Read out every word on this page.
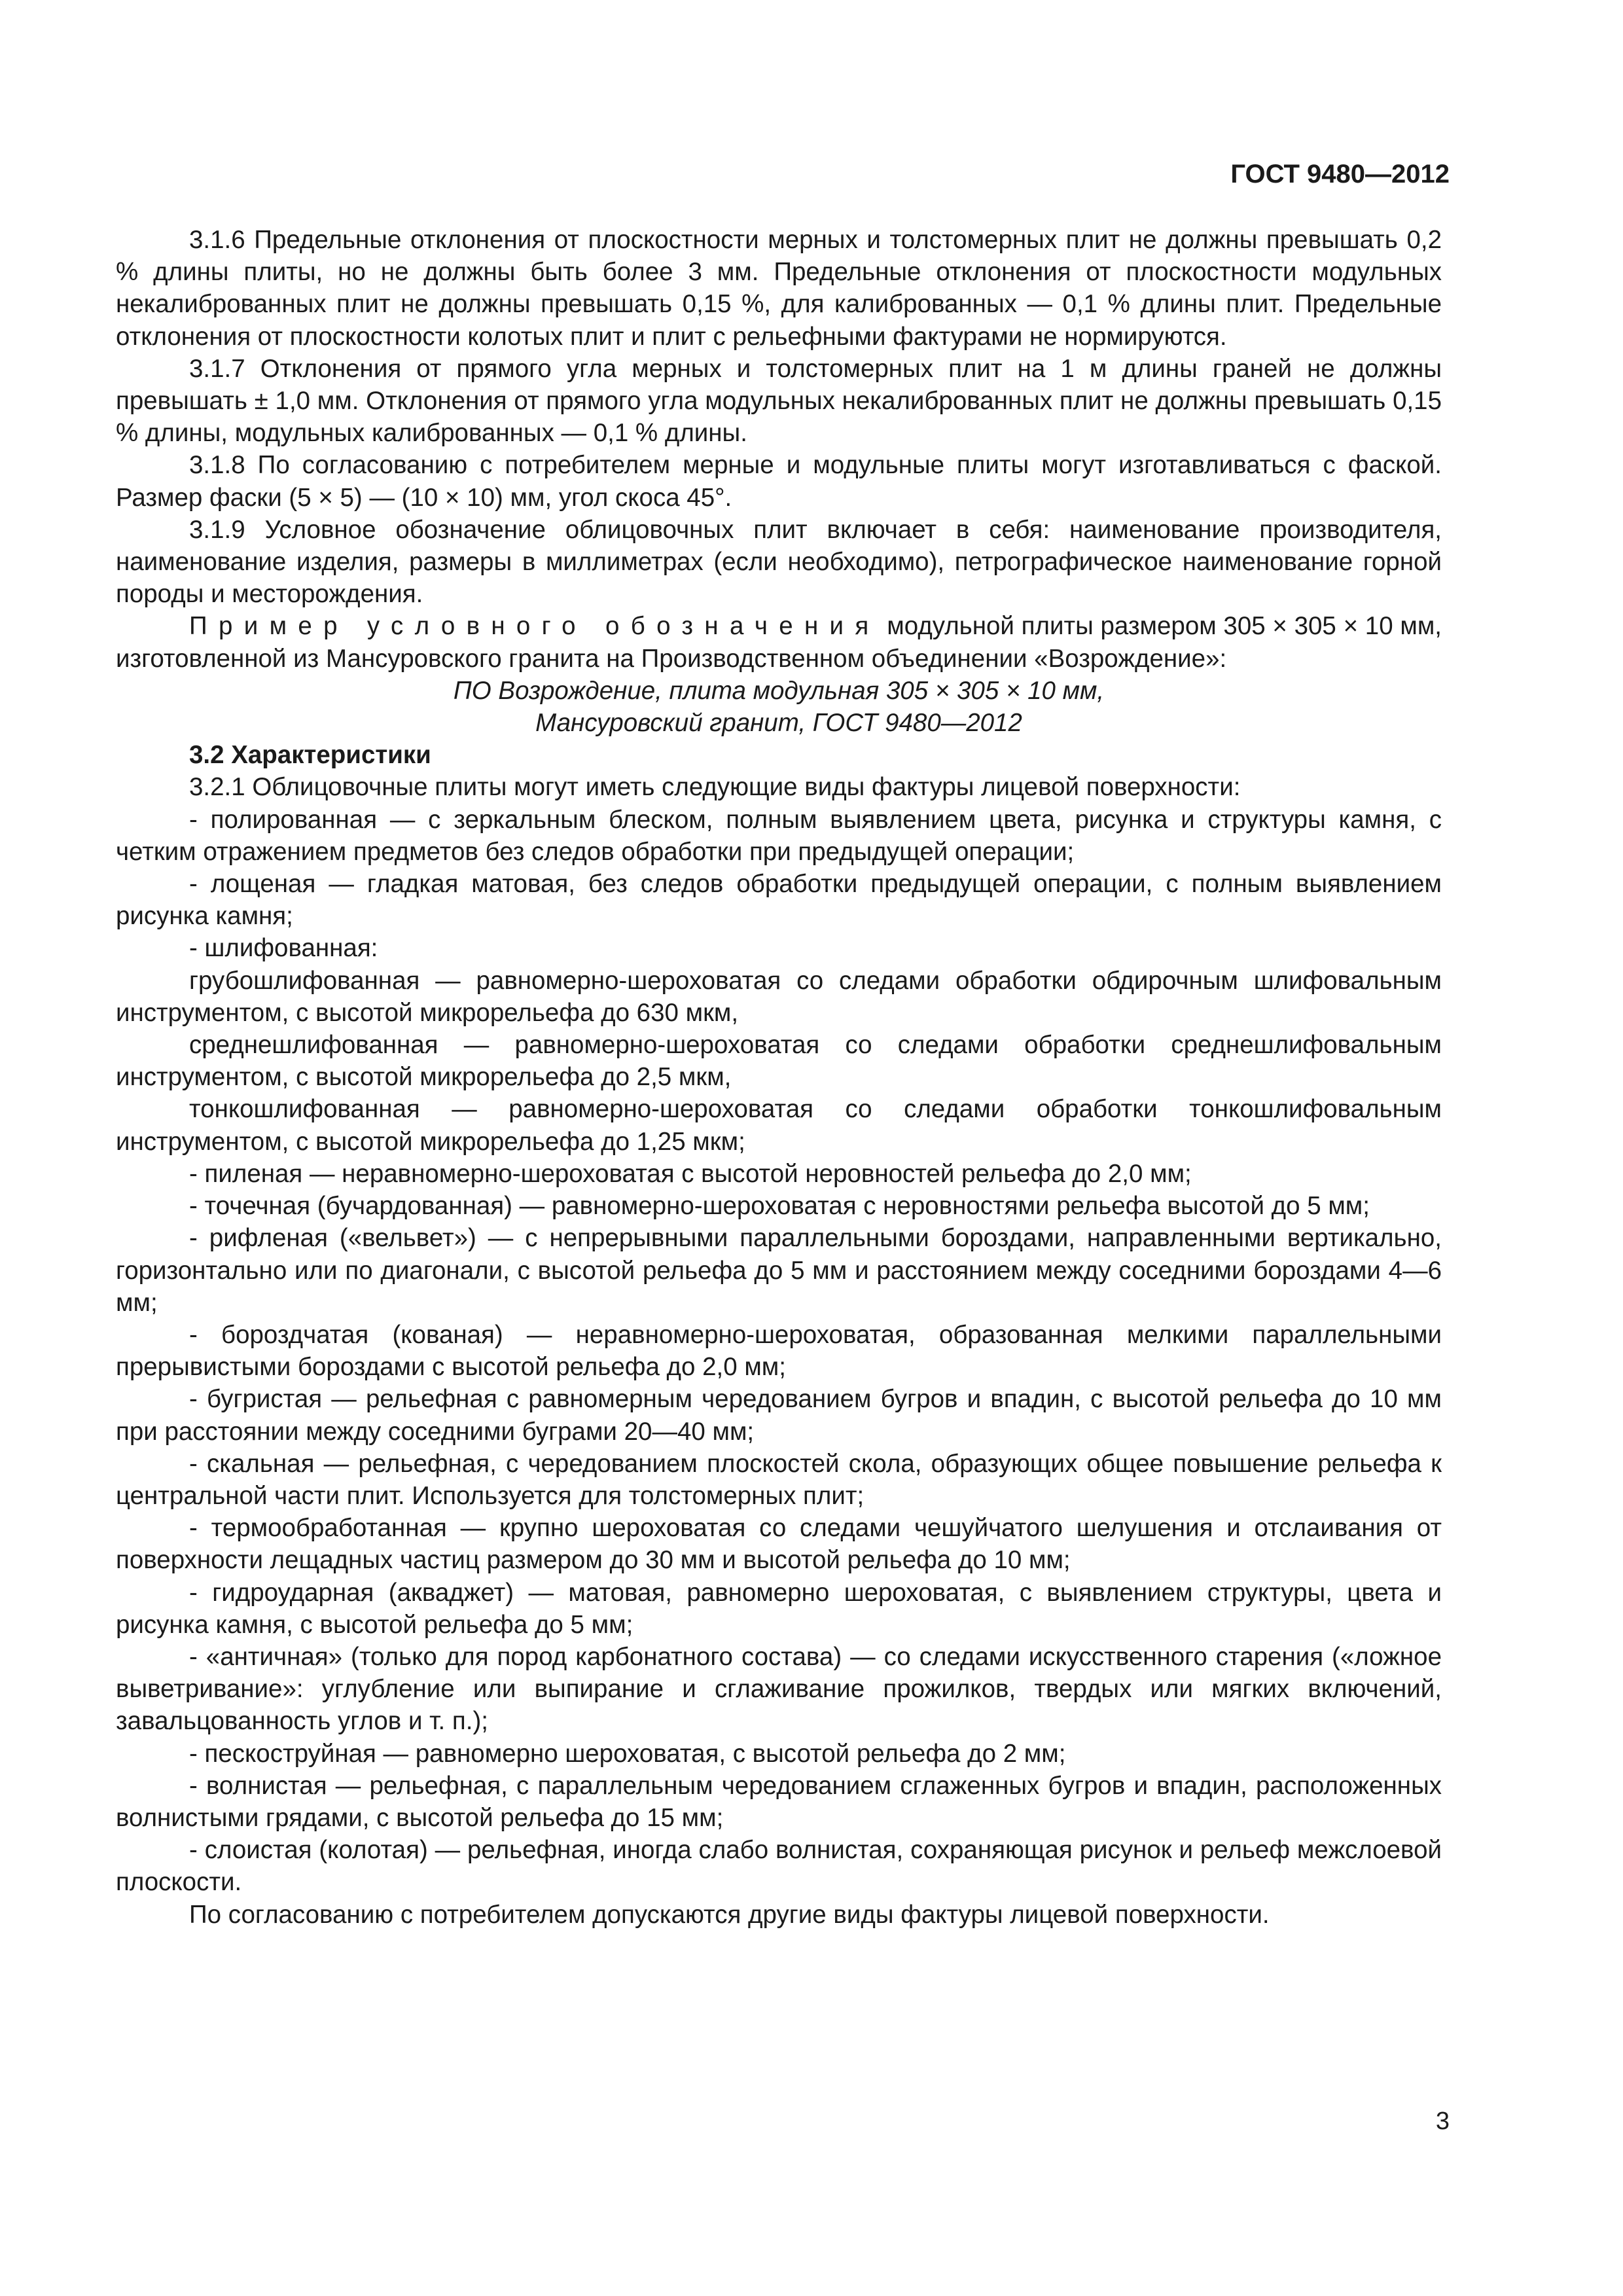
ГОСТ 9480—2012

3.1.6 Предельные отклонения от плоскостности мерных и толстомерных плит не должны превышать 0,2 % длины плиты, но не должны быть более 3 мм. Предельные отклонения от плоскостности модульных некалиброванных плит не должны превышать 0,15 %, для калиброванных — 0,1 % длины плит. Предельные отклонения от плоскостности колотых плит и плит с рельефными фактурами не нормируются.

3.1.7 Отклонения от прямого угла мерных и толстомерных плит на 1 м длины граней не должны превышать ± 1,0 мм. Отклонения от прямого угла модульных некалиброванных плит не должны превышать 0,15 % длины, модульных калиброванных — 0,1 % длины.

3.1.8 По согласованию с потребителем мерные и модульные плиты могут изготавливаться с фаской. Размер фаски (5 × 5) — (10 × 10) мм, угол скоса 45°.

3.1.9 Условное обозначение облицовочных плит включает в себя: наименование производителя, наименование изделия, размеры в миллиметрах (если необходимо), петрографическое наименование горной породы и месторождения.

Пример условного обозначения модульной плиты размером 305 × 305 × 10 мм, изготовленной из Мансуровского гранита на Производственном объединении «Возрождение»:

ПО Возрождение, плита модульная 305 × 305 × 10 мм,

Мансуровский гранит, ГОСТ 9480—2012

3.2 Характеристики

3.2.1 Облицовочные плиты могут иметь следующие виды фактуры лицевой поверхности:

- полированная — с зеркальным блеском, полным выявлением цвета, рисунка и структуры камня, с четким отражением предметов без следов обработки при предыдущей операции;

- лощеная — гладкая матовая, без следов обработки предыдущей операции, с полным выявлением рисунка камня;

- шлифованная:

грубошлифованная — равномерно-шероховатая со следами обработки обдирочным шлифовальным инструментом, с высотой микрорельефа до 630 мкм,

среднешлифованная — равномерно-шероховатая со следами обработки среднешлифовальным инструментом, с высотой микрорельефа до 2,5 мкм,

тонкошлифованная — равномерно-шероховатая со следами обработки тонкошлифовальным инструментом, с высотой микрорельефа до 1,25 мкм;

- пиленая — неравномерно-шероховатая с высотой неровностей рельефа до 2,0 мм;

- точечная (бучардованная) — равномерно-шероховатая с неровностями рельефа высотой до 5 мм;

- рифленая («вельвет») — с непрерывными параллельными бороздами, направленными вертикально, горизонтально или по диагонали, с высотой рельефа до 5 мм и расстоянием между соседними бороздами 4—6 мм;

- бороздчатая (кованая) — неравномерно-шероховатая, образованная мелкими параллельными прерывистыми бороздами с высотой рельефа до 2,0 мм;

- бугристая — рельефная с равномерным чередованием бугров и впадин, с высотой рельефа до 10 мм при расстоянии между соседними буграми 20—40 мм;

- скальная — рельефная, с чередованием плоскостей скола, образующих общее повышение рельефа к центральной части плит. Используется для толстомерных плит;

- термообработанная — крупно шероховатая со следами чешуйчатого шелушения и отслаивания от поверхности лещадных частиц размером до 30 мм и высотой рельефа до 10 мм;

- гидроударная (акваджет) — матовая, равномерно шероховатая, с выявлением структуры, цвета и рисунка камня, с высотой рельефа до 5 мм;

- «античная» (только для пород карбонатного состава) — со следами искусственного старения («ложное выветривание»: углубление или выпирание и сглаживание прожилков, твердых или мягких включений, завальцованность углов и т. п.);

- пескоструйная — равномерно шероховатая, с высотой рельефа до 2 мм;

- волнистая — рельефная, с параллельным чередованием сглаженных бугров и впадин, расположенных волнистыми грядами, с высотой рельефа до 15 мм;

- слоистая (колотая) — рельефная, иногда слабо волнистая, сохраняющая рисунок и рельеф межслоевой плоскости.

По согласованию с потребителем допускаются другие виды фактуры лицевой поверхности.

3
